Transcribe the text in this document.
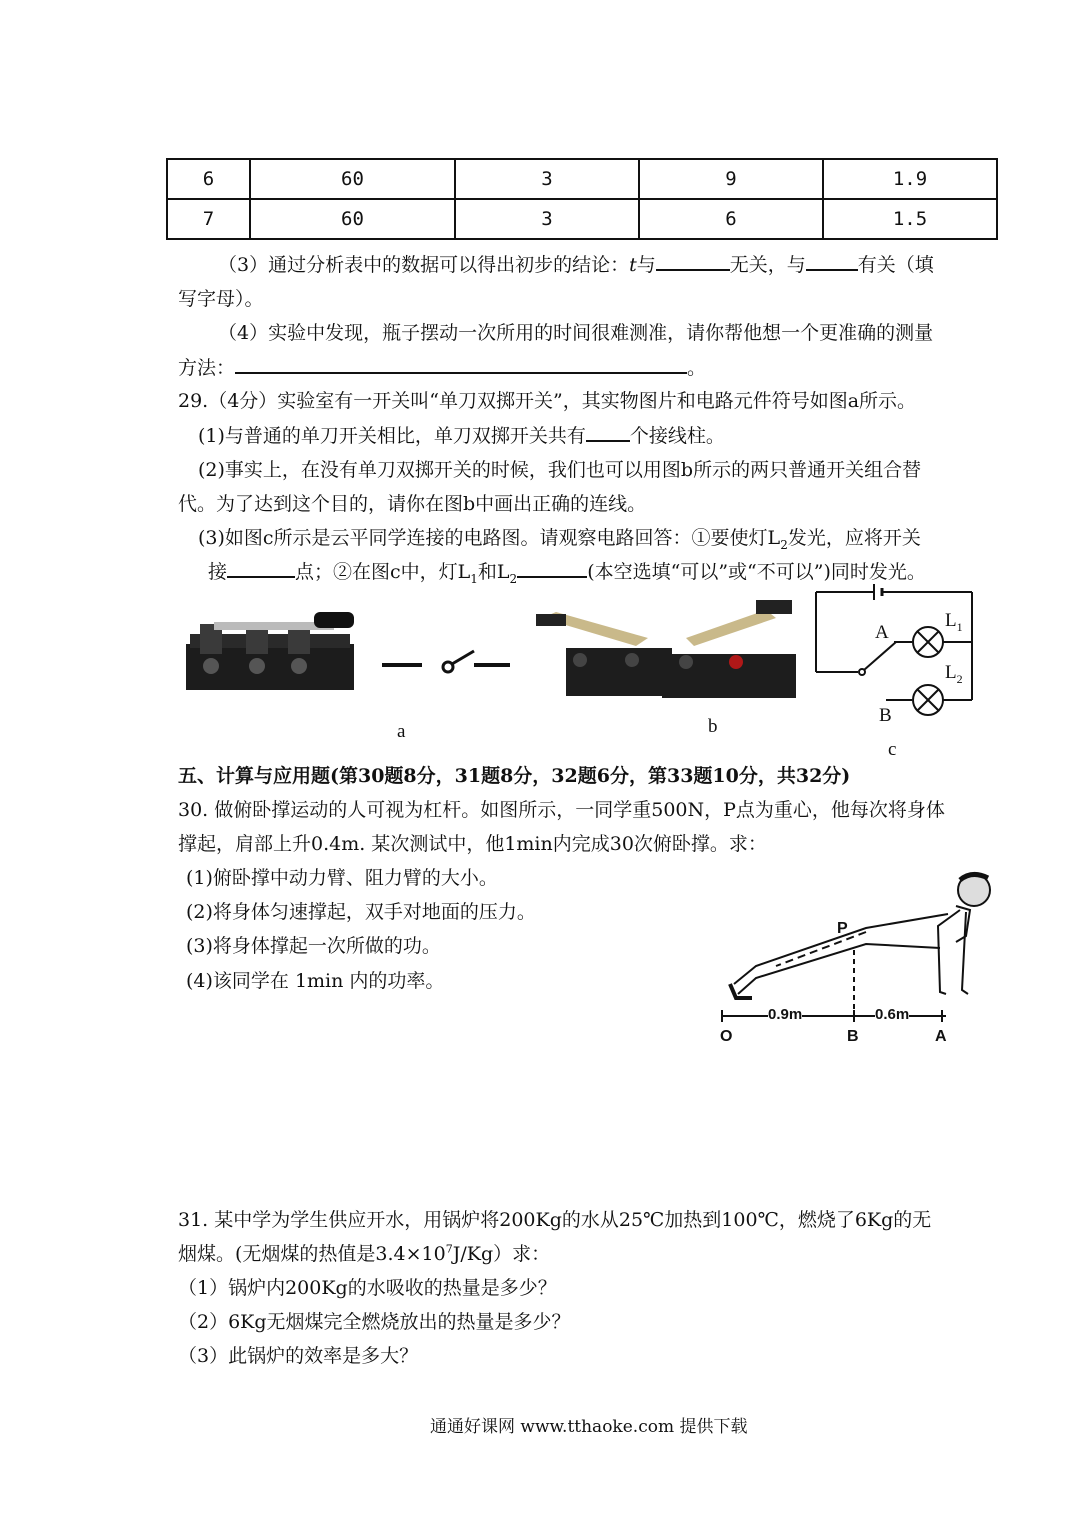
6	60	3	9	1.9
7	60	3	6	1.5
（3）通过分析表中的数据可以得出初步的结论：t与	无关，与	有关（填
写字母）。
（4）实验中发现，瓶子摆动一次所用的时间很难测准，请你帮他想一个更准确的测量
方法：	。
29.（4分）实验室有一开关叫“单刀双掷开关”，其实物图片和电路元件符号如图a所示。
(1)与普通的单刀开关相比，单刀双掷开关共有 个接线柱。
(2)事实上，在没有单刀双掷开关的时候，我们也可以用图b所示的两只普通开关组合替
代。为了达到这个目的，请你在图b中画出正确的连线。
(3)如图c所示是云平同学连接的电路图。请观察电路回答：①要使灯$L_2$发光，应将开关
接	点；②在图c中，灯$L_1$和$L_2$	(本空选填“可以”或“不可以”)同时发光。
a	b
A
B
$L_1$
$L_2$
c
五、计算与应用题(第30题8分，31题8分，32题6分，第33题10分，共32分)
30. 做俯卧撑运动的人可视为杠杆。如图所示，一同学重500N，P点为重心，他每次将身体
撑起，肩部上升0.4m. 某次测试中，他1min内完成30次俯卧撑。求：
(1)俯卧撑中动力臂、阻力臂的大小。
(2)将身体匀速撑起，双手对地面的压力。
(3)将身体撑起一次所做的功。
(4)该同学在 1min 内的功率。
P
0.9m	0.6m
O	B	A
31. 某中学为学生供应开水，用锅炉将200Kg的水从25℃加热到100℃，燃烧了6Kg的无
烟煤。(无烟煤的热值是$3.4\times 10^7J/Kg$）求：
（1）锅炉内200Kg的水吸收的热量是多少？
（2）6Kg无烟煤完全燃烧放出的热量是多少？
（3）此锅炉的效率是多大？
通通好课网 www.tthaoke.com 提供下载
